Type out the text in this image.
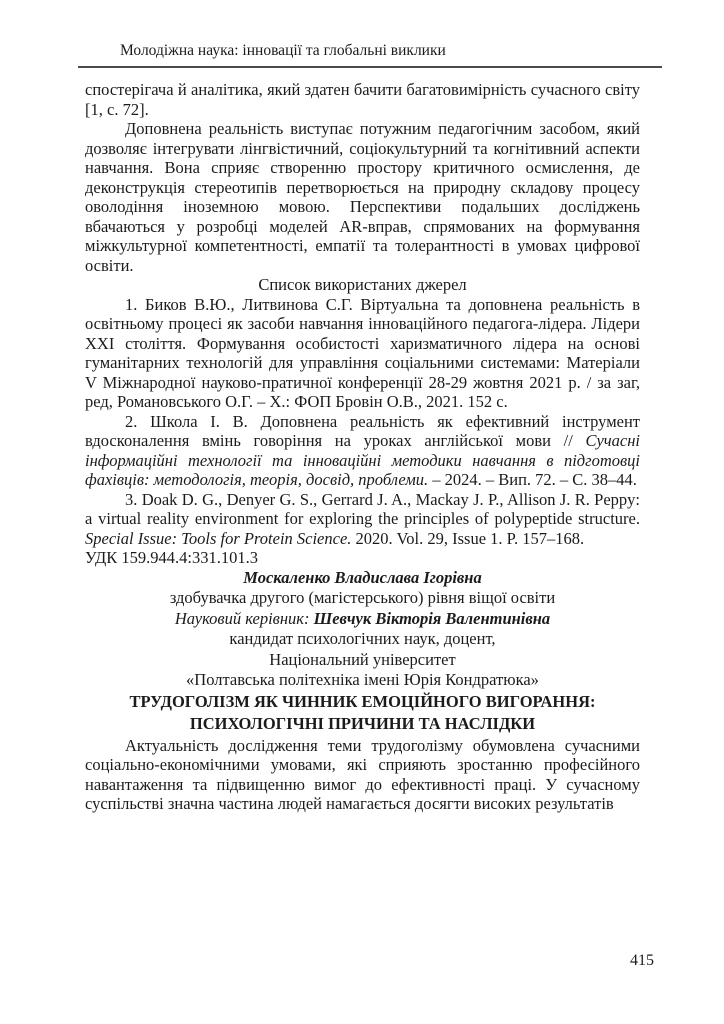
Молодіжна наука: інновації та глобальні виклики

спостерігача й аналітика, який здатен бачити багатовимірність сучасного світу [1, с. 72].

Доповнена реальність виступає потужним педагогічним засобом, який дозволяє інтегрувати лінгвістичний, соціокультурний та когнітивний аспекти навчання. Вона сприяє створенню простору критичного осмислення, де деконструкція стереотипів перетворюється на природну складову процесу оволодіння іноземною мовою. Перспективи подальших досліджень вбачаються у розробці моделей AR-вправ, спрямованих на формування міжкультурної компетентності, емпатії та толерантності в умовах цифрової освіти.

Список використаних джерел

1. Биков В.Ю., Литвинова С.Г. Віртуальна та доповнена реальність в освітньому процесі як засоби навчання інноваційного педагога-лідера. Лідери XXI століття. Формування особистості харизматичного лідера на основі гуманітарних технологій для управління соціальними системами: Матеріали V Міжнародної науково-пратичної конференції 28-29 жовтня 2021 р. / за заг, ред, Романовського О.Г. – Х.: ФОП Бровін О.В., 2021. 152 с.

2. Школа І. В. Доповнена реальність як ефективний інструмент вдосконалення вмінь говоріння на уроках англійської мови // Сучасні інформаційні технології та інноваційні методики навчання в підготовці фахівців: методологія, теорія, досвід, проблеми. – 2024. – Вип. 72. – С. 38–44.

3. Doak D. G., Denyer G. S., Gerrard J. A., Mackay J. P., Allison J. R. Peppy: a virtual reality environment for exploring the principles of polypeptide structure. Special Issue: Tools for Protein Science. 2020. Vol. 29, Issue 1. P. 157–168.

УДК 159.944.4:331.101.3

Москаленко Владислава Ігорівна

здобувачка другого (магістерського) рівня віщої освіти

Науковий керівник: Шевчук Вікторія Валентинівна

кандидат психологічних наук, доцент,

Національний університет

«Полтавська політехніка імені Юрія Кондратюка»

ТРУДОГОЛІЗМ ЯК ЧИННИК ЕМОЦІЙНОГО ВИГОРАННЯ:
ПСИХОЛОГІЧНІ ПРИЧИНИ ТА НАСЛІДКИ

Актуальність дослідження теми трудоголізму обумовлена сучасними соціально-економічними умовами, які сприяють зростанню професійного навантаження та підвищенню вимог до ефективності праці. У сучасному суспільстві значна частина людей намагається досягти високих результатів

415
